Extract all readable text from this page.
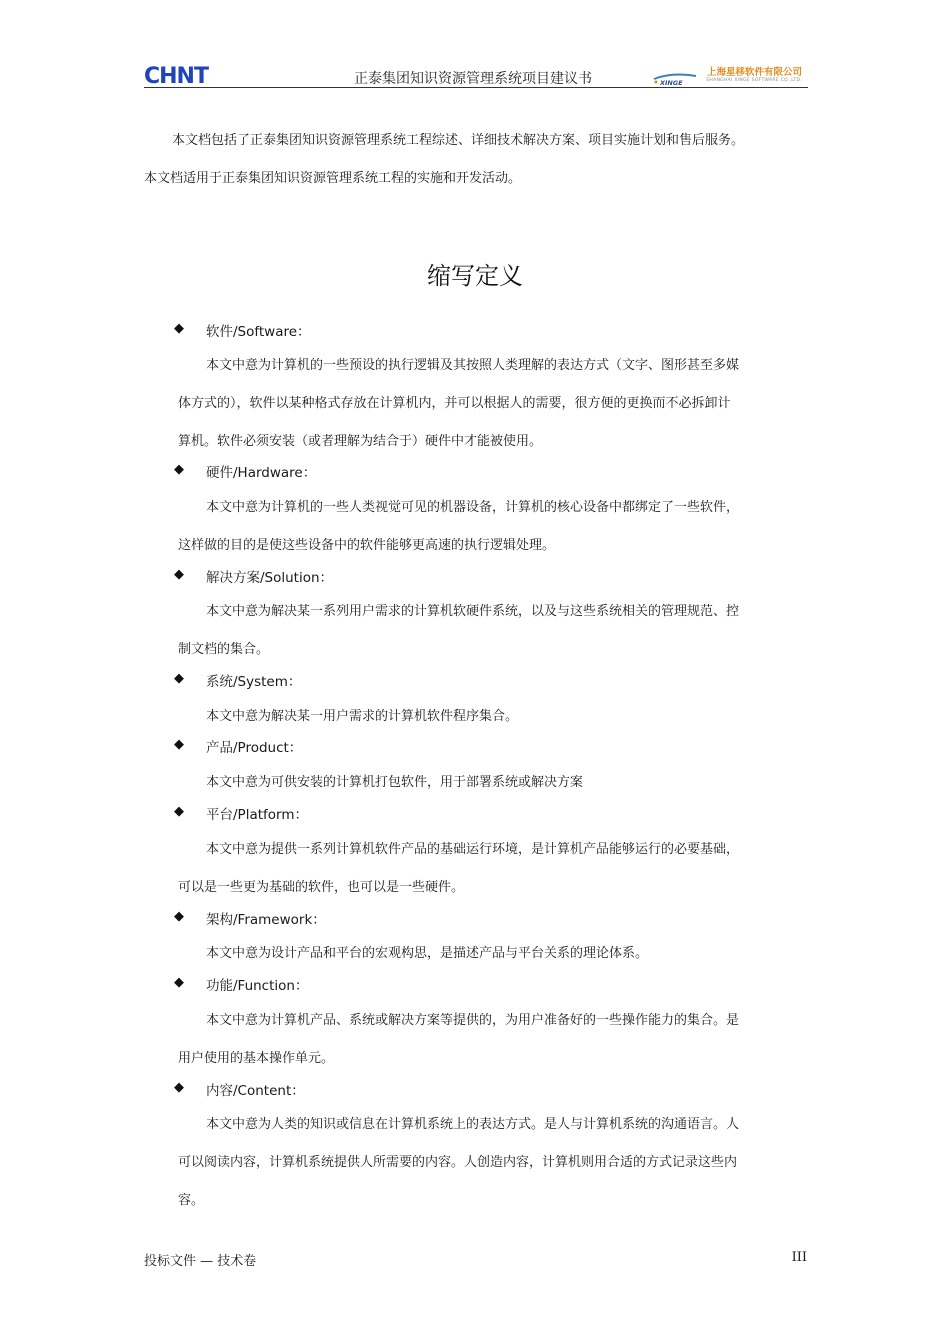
CHNT	正泰集团知识资源管理系统项目建议书	XINGE
上海星移软件有限公司
SHANGHAI XINGE SOFTWARE CO.,LTD.

本文档包括了正泰集团知识资源管理系统工程综述、详细技术解决方案、项目实施计划和售后服务。

本文档适用于正泰集团知识资源管理系统工程的实施和开发活动。

缩写定义
◆ 软件/Software：

本文中意为计算机的一些预设的执行逻辑及其按照人类理解的表达方式（文字、图形甚至多媒

体方式的），软件以某种格式存放在计算机内，并可以根据人的需要，很方便的更换而不必拆卸计

算机。软件必须安装（或者理解为结合于）硬件中才能被使用。

◆ 硬件/Hardware：

本文中意为计算机的一些人类视觉可见的机器设备，计算机的核心设备中都绑定了一些软件，

这样做的目的是使这些设备中的软件能够更高速的执行逻辑处理。

◆ 解决方案/Solution：

本文中意为解决某一系列用户需求的计算机软硬件系统，以及与这些系统相关的管理规范、控

制文档的集合。

◆ 系统/System：

本文中意为解决某一用户需求的计算机软件程序集合。

◆ 产品/Product：

本文中意为可供安装的计算机打包软件，用于部署系统或解决方案

◆ 平台/Platform：

本文中意为提供一系列计算机软件产品的基础运行环境，是计算机产品能够运行的必要基础，

可以是一些更为基础的软件，也可以是一些硬件。

◆ 架构/Framework：

本文中意为设计产品和平台的宏观构思，是描述产品与平台关系的理论体系。

◆ 功能/Function：

本文中意为计算机产品、系统或解决方案等提供的，为用户准备好的一些操作能力的集合。是

用户使用的基本操作单元。

◆ 内容/Content：

本文中意为人类的知识或信息在计算机系统上的表达方式。是人与计算机系统的沟通语言。人

可以阅读内容，计算机系统提供人所需要的内容。人创造内容，计算机则用合适的方式记录这些内

容。

投标文件 — 技术卷	III
